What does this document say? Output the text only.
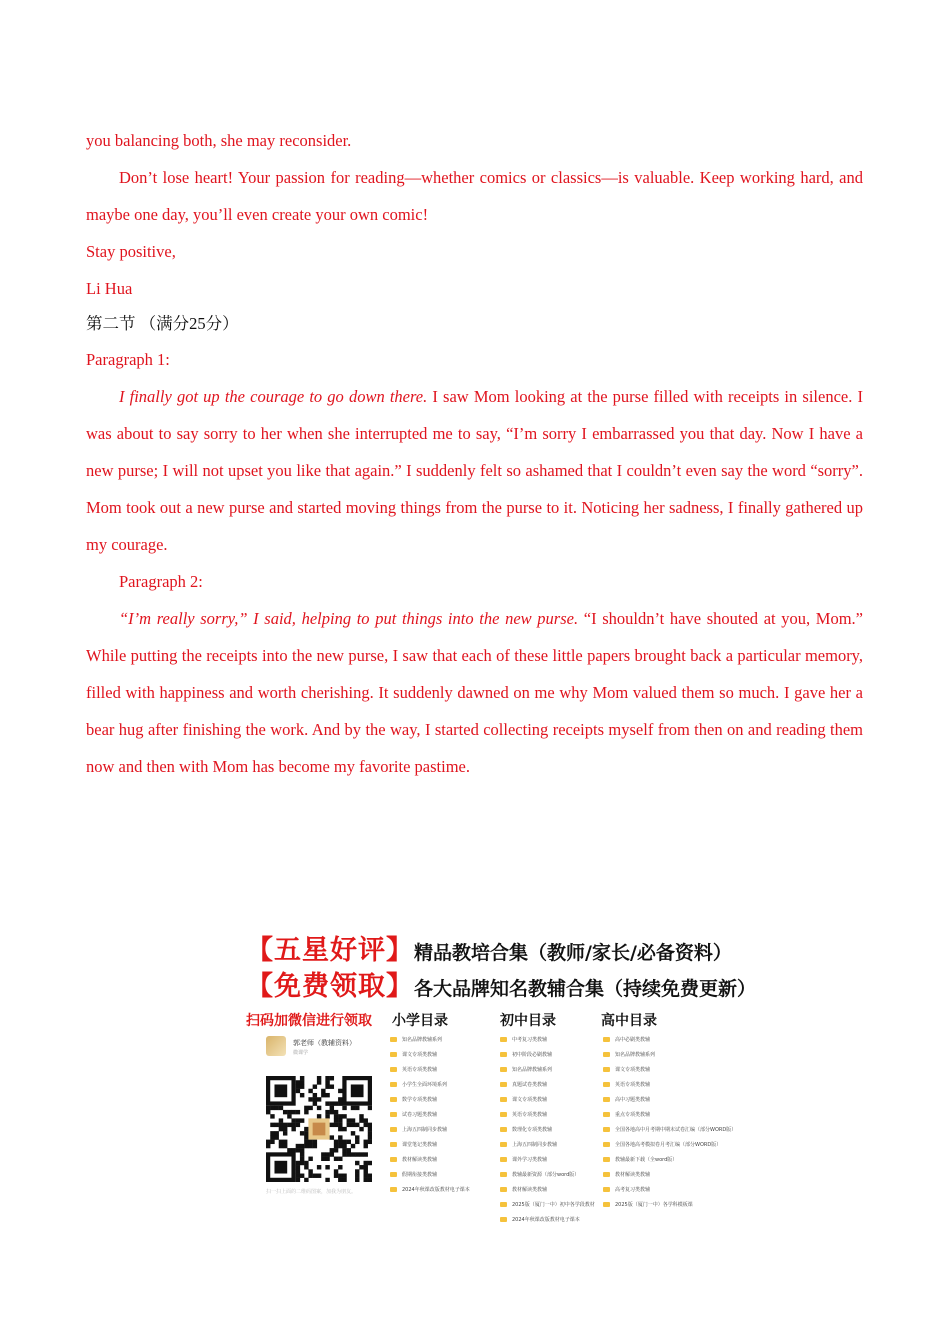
you balancing both, she may reconsider.

Don’t lose heart! Your passion for reading—whether comics or classics—is valuable. Keep working hard, and maybe one day, you’ll even create your own comic!

Stay positive,

Li Hua

第二节 （满分25分）

Paragraph 1:

I finally got up the courage to go down there. I saw Mom looking at the purse filled with receipts in silence. I was about to say sorry to her when she interrupted me to say, “I’m sorry I embarrassed you that day. Now I have a new purse; I will not upset you like that again.” I suddenly felt so ashamed that I couldn’t even say the word “sorry”. Mom took out a new purse and started moving things from the purse to it. Noticing her sadness, I finally gathered up my courage.

Paragraph 2:

“I’m really sorry,” I said, helping to put things into the new purse. “I shouldn’t have shouted at you, Mom.” While putting the receipts into the new purse, I saw that each of these little papers brought back a particular memory, filled with happiness and worth cherishing. It suddenly dawned on me why Mom valued them so much. I gave her a bear hug after finishing the work. And by the way, I started collecting receipts myself from then on and reading them now and then with Mom has become my favorite pastime.

【五星好评】精品教培合集（教师/家长/必备资料）
【免费领取】各大品牌知名教辅合集（持续免费更新）
扫码加微信进行领取 小学目录	初中目录	高中目录
郭老师（教辅资料）
微课学
扫一扫上面的二维码图案，加我为朋友。
知名品牌教辅系列
课文专项类教辅
英语专项类教辅
小学生全面环境系列
数学专项类教辅
试卷习题类教辅
上海五四制同步教辅
课堂笔记类教辅
教材解读类教辅
假期衔接类教辅
2024年秋课改版教材电子课本
中考复习类教辅
初中阶段必刷教辅
知名品牌教辅系列
真题试卷类教辅
课文专项类教辅
英语专项类教辅
数理化专项类教辅
上海五四制同步教辅
课外学习类教辅
教辅最新资源（部分word版）
教材解读类教辅
2025版（厦门一中）初中各学段教材
2024年秋课改版教材电子课本
高中必刷类教辅
知名品牌教辅系列
课文专项类教辅
英语专项类教辅
高中习题类教辅
重点专项类教辅
全国各地高中月考期中期末试卷汇编（部分WORD版）
全国各地高考模拟卷月考汇编（部分WORD版）
教辅最新下载（全word版）
教材解读类教辅
高考复习类教辅
2025版（厦门一中）各学科模板课
